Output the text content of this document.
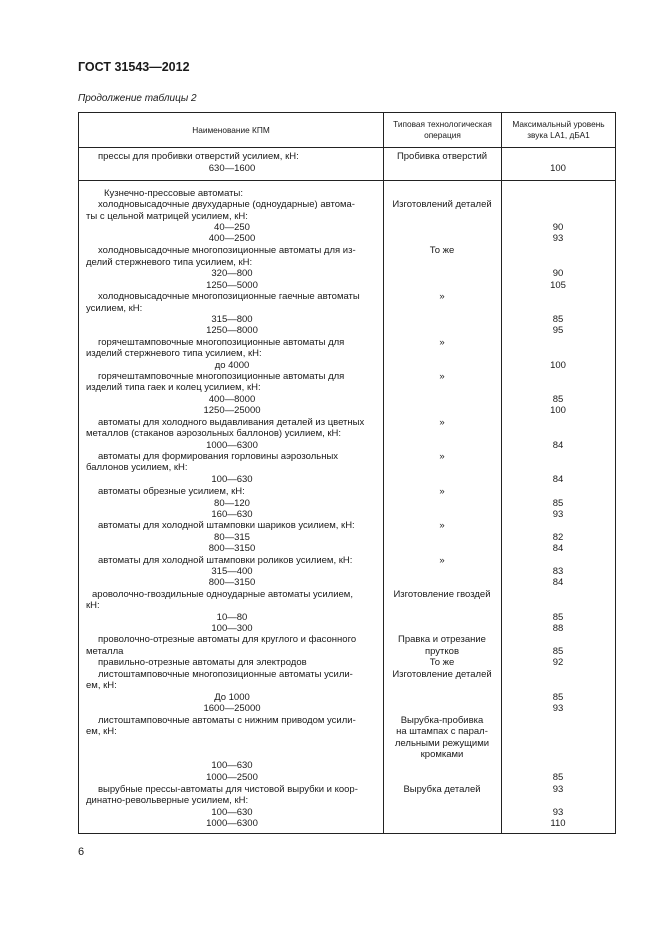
ГОСТ 31543—2012
Продолжение таблицы 2
Наименование КПМ
Типовая технологическая
операция
Максимальный уровень
звука LA1, дБА1
прессы для пробивки отверстий усилием, кН:
630—1600
Кузнечно-прессовые автоматы:
холодновысадочные двухударные (одноударные) автома-
ты с цельной матрицей усилием, кН:
40—250
400—2500
холодновысадочные многопозиционные автоматы для из-
делий стержневого типа усилием, кН:
320—800
1250—5000
холодновысадочные многопозиционные гаечные автоматы
усилием, кН:
315—800
1250—8000
горячештамповочные многопозиционные автоматы для
изделий стержневого типа усилием, кН:
до 4000
горячештамповочные многопозиционные автоматы для
изделий типа гаек и колец усилием, кН:
400—8000
1250—25000
автоматы для холодного выдавливания деталей из цветных
металлов (стаканов аэрозольных баллонов) усилием, кН:
1000—6300
автоматы для формирования горловины аэрозольных
баллонов усилием, кН:
100—630
автоматы обрезные усилием, кН:
80—120
160—630
автоматы для холодной штамповки шариков усилием, кН:
80—315
800—3150
автоматы для холодной штамповки роликов усилием, кН:
315—400
800—3150
ароволочно-гвоздильные одноударные автоматы усилием,
кН:
10—80
100—300
проволочно-отрезные автоматы для круглого и фасонного
металла
правильно-отрезные автоматы для электродов
листоштамповочные многопозиционные автоматы усили-
ем, кН:
До 1000
1600—25000
листоштамповочные автоматы с нижним приводом усили-
ем, кН:
100—630
1000—2500
вырубные прессы-автоматы для чистовой вырубки и коор-
динатно-револьверные усилием, кН:
100—630
1000—6300
Пробивка отверстий
Изготовлений деталей
То же
»
»
»
»
»
»
»
»
Изготовление гвоздей
Правка и отрезание
прутков
То же
Изготовление деталей
Вырубка-пробивка
на штампах с парал-
лельными режущими
кромками
Вырубка деталей
100
90
93
90
105
85
95
100
85
100
84
84
85
93
82
84
83
84
85
88
85
92
85
93
85
93
93
110
6
